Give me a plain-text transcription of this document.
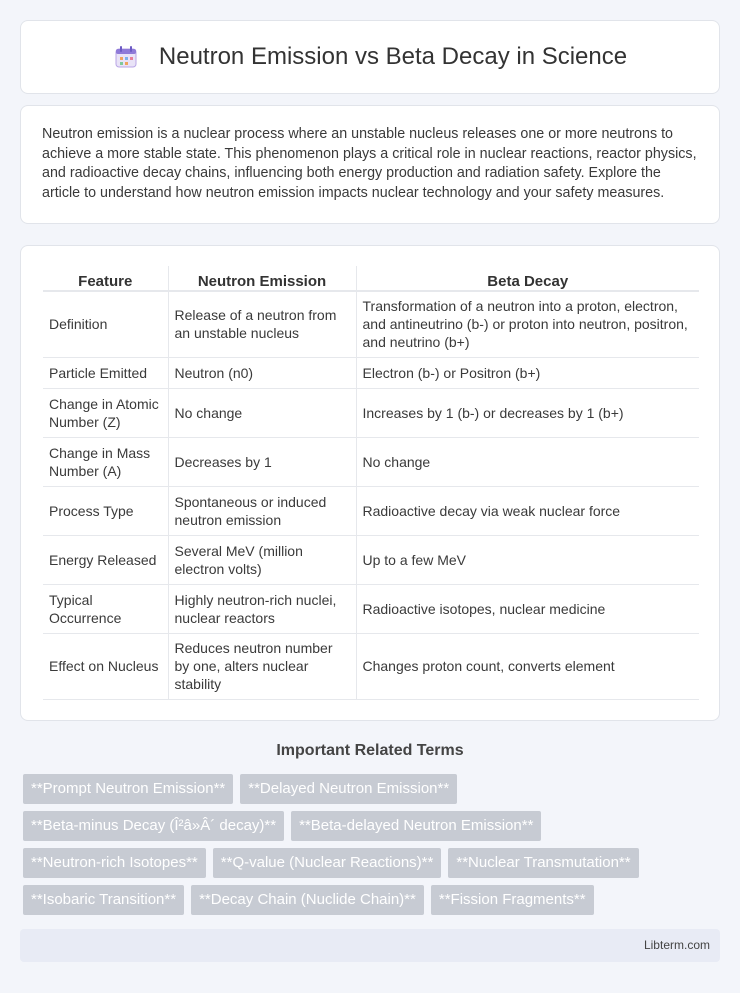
Neutron Emission vs Beta Decay in Science

Neutron emission is a nuclear process where an unstable nucleus releases one or more neutrons to achieve a more stable state. This phenomenon plays a critical role in nuclear reactions, reactor physics, and radioactive decay chains, influencing both energy production and radiation safety. Explore the article to understand how neutron emission impacts nuclear technology and your safety measures.

Feature	Neutron Emission	Beta Decay
Definition	Release of a neutron from an unstable nucleus	Transformation of a neutron into a proton, electron, and antineutrino (b-) or proton into neutron, positron, and neutrino (b+)
Particle Emitted	Neutron (n0)	Electron (b-) or Positron (b+)
Change in Atomic Number (Z)	No change	Increases by 1 (b-) or decreases by 1 (b+)
Change in Mass Number (A)	Decreases by 1	No change
Process Type	Spontaneous or induced neutron emission	Radioactive decay via weak nuclear force
Energy Released	Several MeV (million electron volts)	Up to a few MeV
Typical Occurrence	Highly neutron-rich nuclei, nuclear reactors	Radioactive isotopes, nuclear medicine
Effect on Nucleus	Reduces neutron number by one, alters nuclear stability	Changes proton count, converts element
Important Related Terms
**Prompt Neutron Emission**	**Delayed Neutron Emission**
**Beta-minus Decay (Î²â»Â´ decay)**	**Beta-delayed Neutron Emission**
**Neutron-rich Isotopes**	**Q-value (Nuclear Reactions)**	**Nuclear Transmutation**
**Isobaric Transition**	**Decay Chain (Nuclide Chain)**	**Fission Fragments**
Libterm.com
